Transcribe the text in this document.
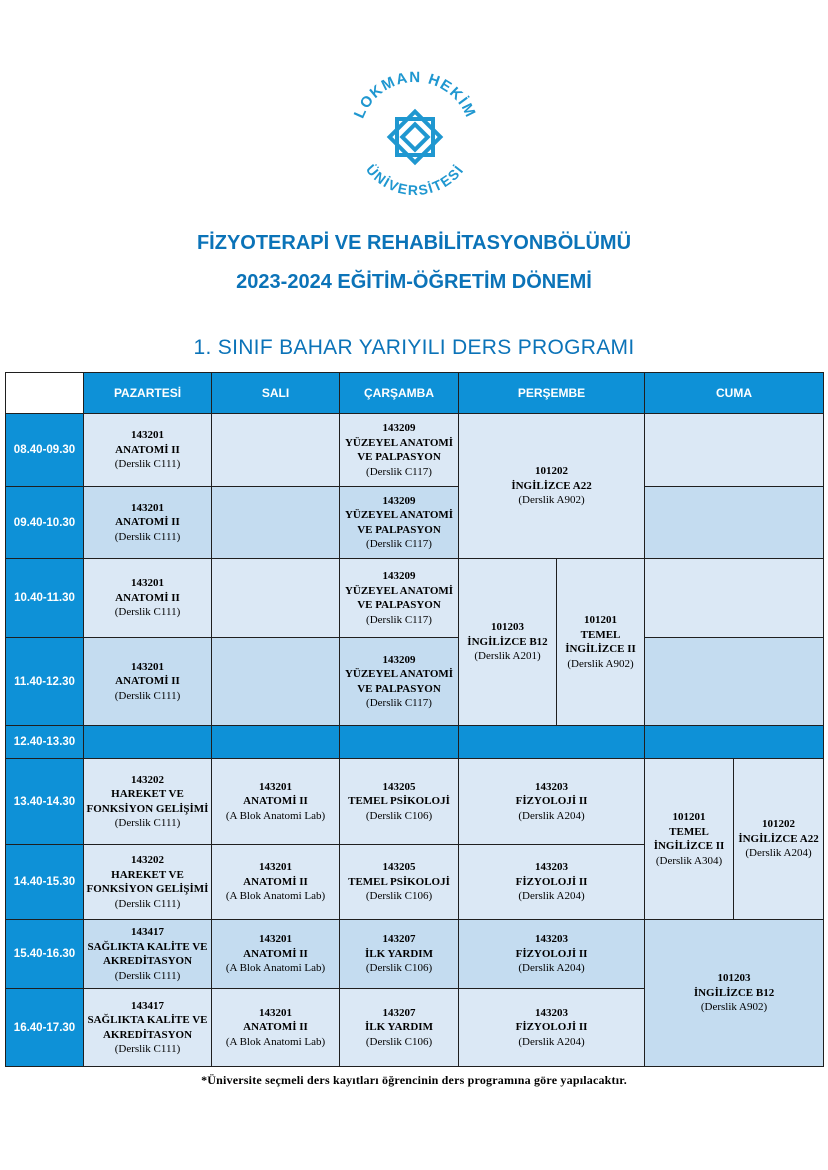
LOKMAN HEKİM
ÜNİVERSİTESİ
FİZYOTERAPİ VE REHABİLİTASYONBÖLÜMÜ
2023-2024 EĞİTİM-ÖĞRETİM DÖNEMİ
1. SINIF BAHAR YARIYILI DERS PROGRAMI
	PAZARTESİ	SALI	ÇARŞAMBA	PERŞEMBE		CUMA	
08.40-09.30	143201
ANATOMİ II
(Derslik C111)		143209
YÜZEYEL ANATOMİ VE PALPASYON
(Derslik C117)	101202
İNGİLİZCE A22
(Derslik A902)			

09.40-10.30	143201
ANATOMİ II
(Derslik C111)		143209
YÜZEYEL ANATOMİ VE PALPASYON
(Derslik C117)				

10.40-11.30	143201
ANATOMİ II
(Derslik C111)		143209
YÜZEYEL ANATOMİ VE PALPASYON
(Derslik C117)	101203
İNGİLİZCE B12
(Derslik A201)	101201
TEMEL İNGİLİZCE II
(Derslik A902)		

11.40-12.30	143201
ANATOMİ II
(Derslik C111)		143209
YÜZEYEL ANATOMİ VE PALPASYON
(Derslik C117)				

12.40-13.30							
13.40-14.30	143202
HAREKET VE FONKSİYON GELİŞİMİ
(Derslik C111)	143201
ANATOMİ II
(A Blok Anatomi Lab)	143205
TEMEL PSİKOLOJİ
(Derslik C106)	143203
FİZYOLOJİ II
(Derslik A204)		101201
TEMEL İNGİLİZCE II
(Derslik A304)	101202
İNGİLİZCE A22
(Derslik A204)

14.40-15.30	143202
HAREKET VE FONKSİYON GELİŞİMİ
(Derslik C111)	143201
ANATOMİ II
(A Blok Anatomi Lab)	143205
TEMEL PSİKOLOJİ
(Derslik C106)	143203
FİZYOLOJİ II
(Derslik A204)			

15.40-16.30	143417
SAĞLIKTA KALİTE VE AKREDİTASYON
(Derslik C111)	143201
ANATOMİ II
(A Blok Anatomi Lab)	143207
İLK YARDIM
(Derslik C106)	143203
FİZYOLOJİ II
(Derslik A204)		101203
İNGİLİZCE B12
(Derslik A902)	

16.40-17.30	143417
SAĞLIKTA KALİTE VE AKREDİTASYON
(Derslik C111)	143201
ANATOMİ II
(A Blok Anatomi Lab)	143207
İLK YARDIM
(Derslik C106)	143203
FİZYOLOJİ II
(Derslik A204)			
*Üniversite seçmeli ders kayıtları öğrencinin ders programına göre yapılacaktır.
